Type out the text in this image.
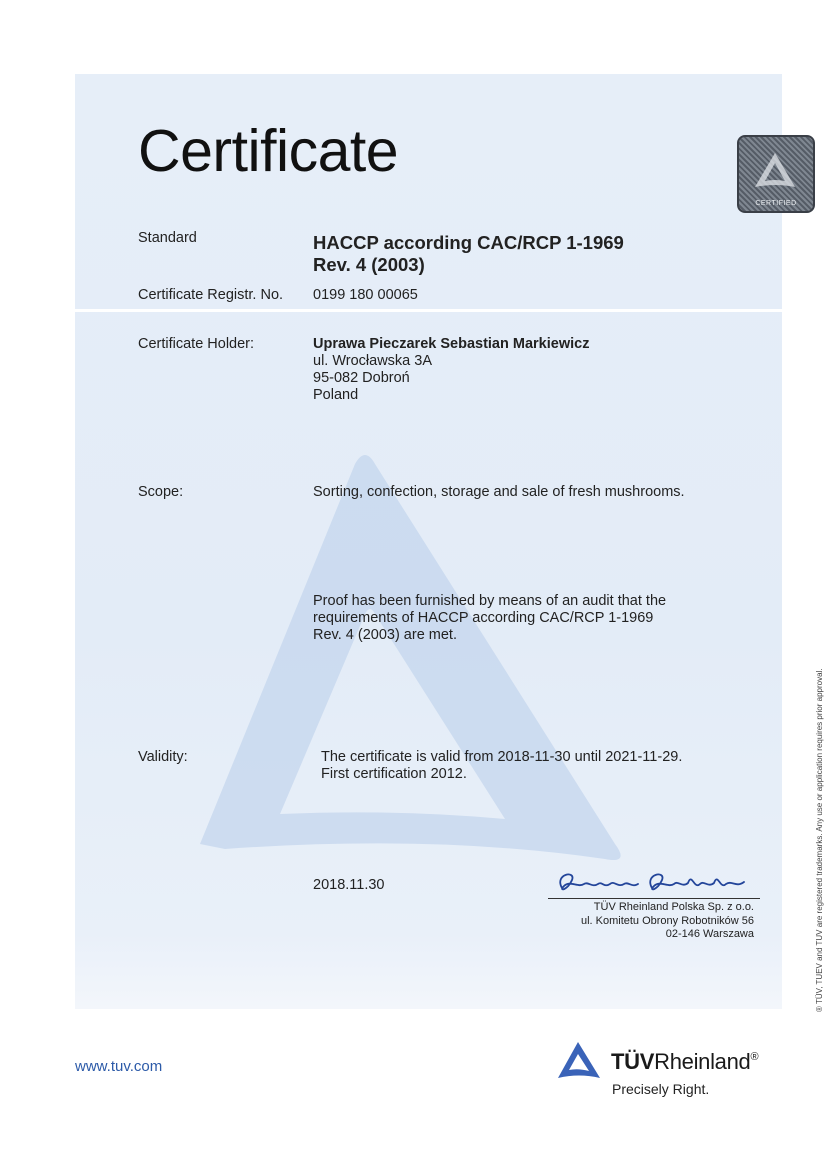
Certificate
CERTIFIED
Standard	HACCP according CAC/RCP 1-1969
Rev. 4 (2003)
Certificate Registr. No. 0199 180 00065
Certificate Holder:	Uprawa Pieczarek Sebastian Markiewicz
ul. Wrocławska 3A
95-082 Dobroń
Poland
Scope:	Sorting, confection, storage and sale of fresh mushrooms.
Proof has been furnished by means of an audit that the
requirements of HACCP according CAC/RCP 1-1969
Rev. 4 (2003) are met.
Validity:	The certificate is valid from 2018-11-30 until 2021-11-29.
First certification 2012.
2018.11.30
TÜV Rheinland Polska Sp. z o.o.
ul. Komitetu Obrony Robotników 56
02-146 Warszawa
www.tuv.com	TÜVRheinland®
Precisely Right.
® TÜV, TUEV and TUV are registered trademarks. Any use or application requires prior approval.
